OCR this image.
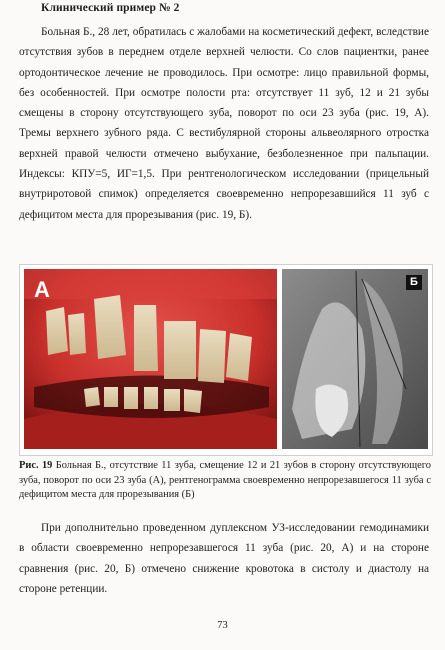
Клинический пример № 2
Больная Б., 28 лет, обратилась с жалобами на косметический дефект, вследствие отсутствия зубов в переднем отделе верхней челюсти. Со слов пациентки, ранее ортодонтическое лечение не проводилось. При осмотре: лицо правильной формы, без особенностей. При осмотре полости рта: отсутствует 11 зуб, 12 и 21 зубы смещены в сторону отсутствующего зуба, поворот по оси 23 зуба (рис. 19, А). Тремы верхнего зубного ряда. С вестибулярной стороны альвеолярного отростка верхней правой челюсти отмечено выбухание, безболезненное при пальпации. Индексы: КПУ=5, ИГ=1,5. При рентгенологическом исследовании (прицельный внутриротовой спимок) определяется своевременно непрорезавшийся 11 зуб с дефицитом места для прорезывания (рис. 19, Б).
А	Б
Рис. 19 Больная Б., отсутствие 11 зуба, смещение 12 и 21 зубов в сторону отсутствующего зуба, поворот по оси 23 зуба (А), рентгенограмма своевременно непрорезавшегося 11 зуба с дефицитом места для прорезывания (Б)
При дополнительно проведенном дуплексном УЗ-исследовании гемодинамики в области своевременно непрорезавшегося 11 зуба (рис. 20, А) и на стороне сравнения (рис. 20, Б) отмечено снижение кровотока в систолу и диастолу на стороне ретенции.
73
